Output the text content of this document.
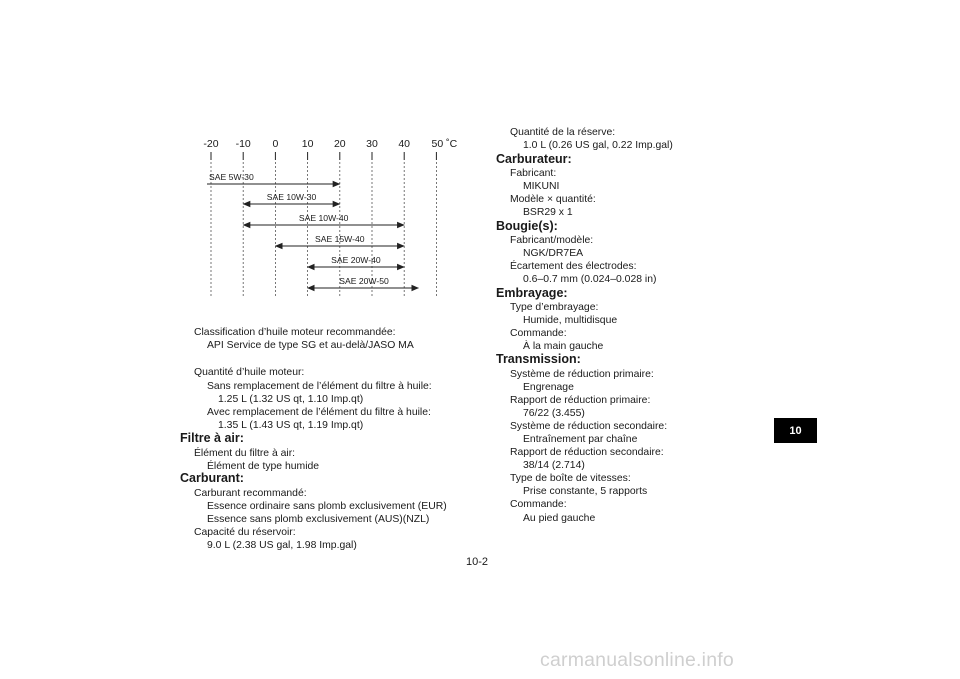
-20 -10 0 10 20 30 40 50 ˚C
SAE 5W-30
SAE 10W-30
SAE 10W-40
SAE 15W-40
SAE 20W-40
SAE 20W-50
Classification d’huile moteur recommandée:
API Service de type SG et au-delà/JASO MA
Quantité d’huile moteur:
Sans remplacement de l’élément du filtre à huile:
1.25 L (1.32 US qt, 1.10 Imp.qt)
Avec remplacement de l’élément du filtre à huile:
1.35 L (1.43 US qt, 1.19 Imp.qt)
Filtre à air:
Élément du filtre à air:
Élément de type humide
Carburant:
Carburant recommandé:
Essence ordinaire sans plomb exclusivement (EUR)
Essence sans plomb exclusivement (AUS)(NZL)
Capacité du réservoir:
9.0 L (2.38 US gal, 1.98 Imp.gal)
Quantité de la réserve:
1.0 L (0.26 US gal, 0.22 Imp.gal)
Carburateur:
Fabricant:
MIKUNI
Modèle × quantité:
BSR29 x 1
Bougie(s):
Fabricant/modèle:
NGK/DR7EA
Écartement des électrodes:
0.6–0.7 mm (0.024–0.028 in)
Embrayage:
Type d’embrayage:
Humide, multidisque
Commande:
À la main gauche
Transmission:
Système de réduction primaire:
Engrenage
Rapport de réduction primaire:
76/22 (3.455)
Système de réduction secondaire:
Entraînement par chaîne
Rapport de réduction secondaire:
38/14 (2.714)
Type de boîte de vitesses:
Prise constante, 5 rapports
Commande:
Au pied gauche
10
10-2
carmanualsonline.info
